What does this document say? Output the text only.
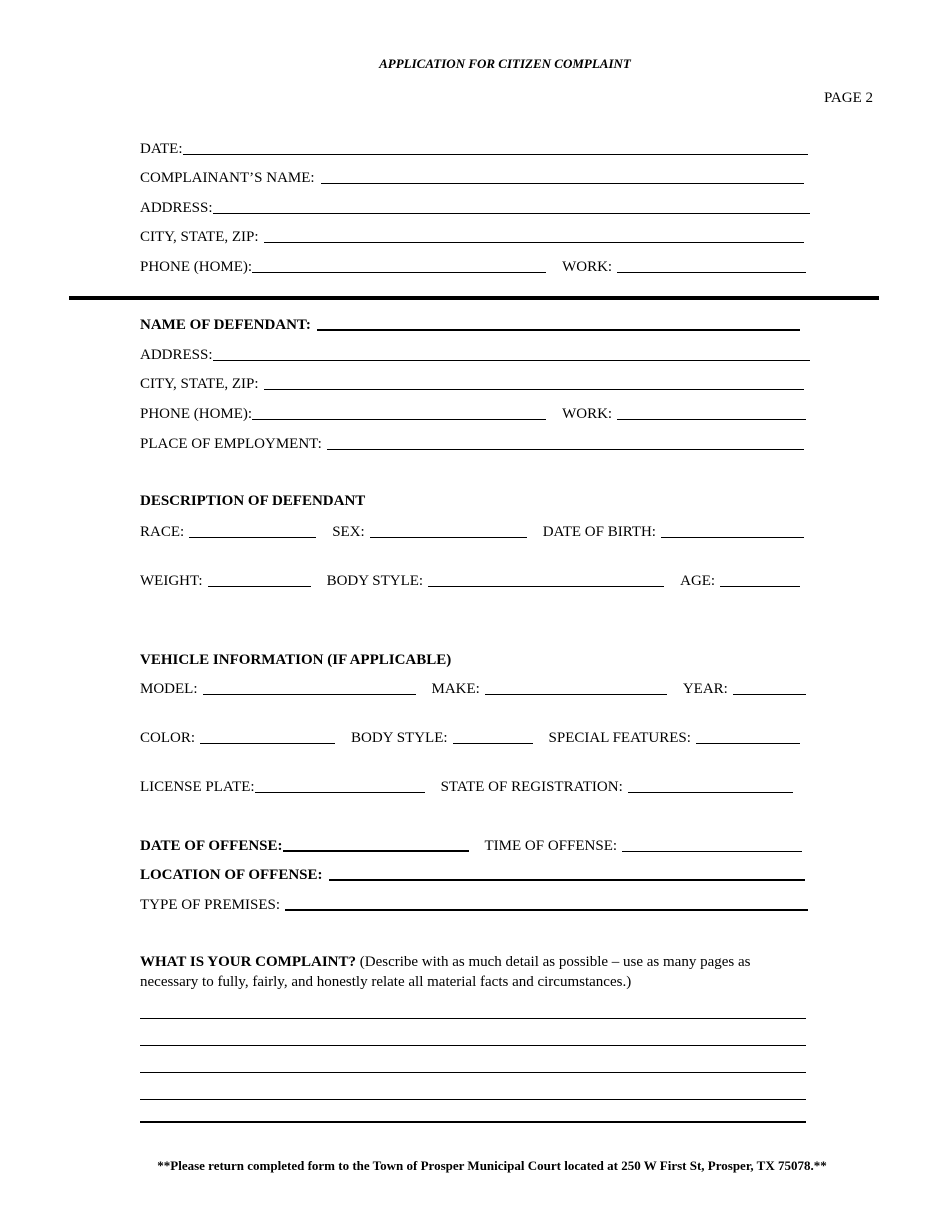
APPLICATION FOR CITIZEN COMPLAINT
PAGE 2
DATE:
COMPLAINANT’S NAME:
ADDRESS:
CITY, STATE, ZIP:
PHONE (HOME):	WORK:
NAME OF DEFENDANT:
ADDRESS:
CITY, STATE, ZIP:
PHONE (HOME):	WORK:
PLACE OF EMPLOYMENT:
DESCRIPTION OF DEFENDANT
RACE:	SEX:	DATE OF BIRTH:
WEIGHT:	BODY STYLE:	AGE:
VEHICLE INFORMATION (IF APPLICABLE)
MODEL:	MAKE:	YEAR:
COLOR:	BODY STYLE:	SPECIAL FEATURES:
LICENSE PLATE:	STATE OF REGISTRATION:
DATE OF OFFENSE:	TIME OF OFFENSE:
LOCATION OF OFFENSE:
TYPE OF PREMISES:
WHAT IS YOUR COMPLAINT? (Describe with as much detail as possible – use as many pages as necessary to fully, fairly, and honestly relate all material facts and circumstances.)
**Please return completed form to the Town of Prosper Municipal Court located at 250 W First St, Prosper, TX 75078.**
